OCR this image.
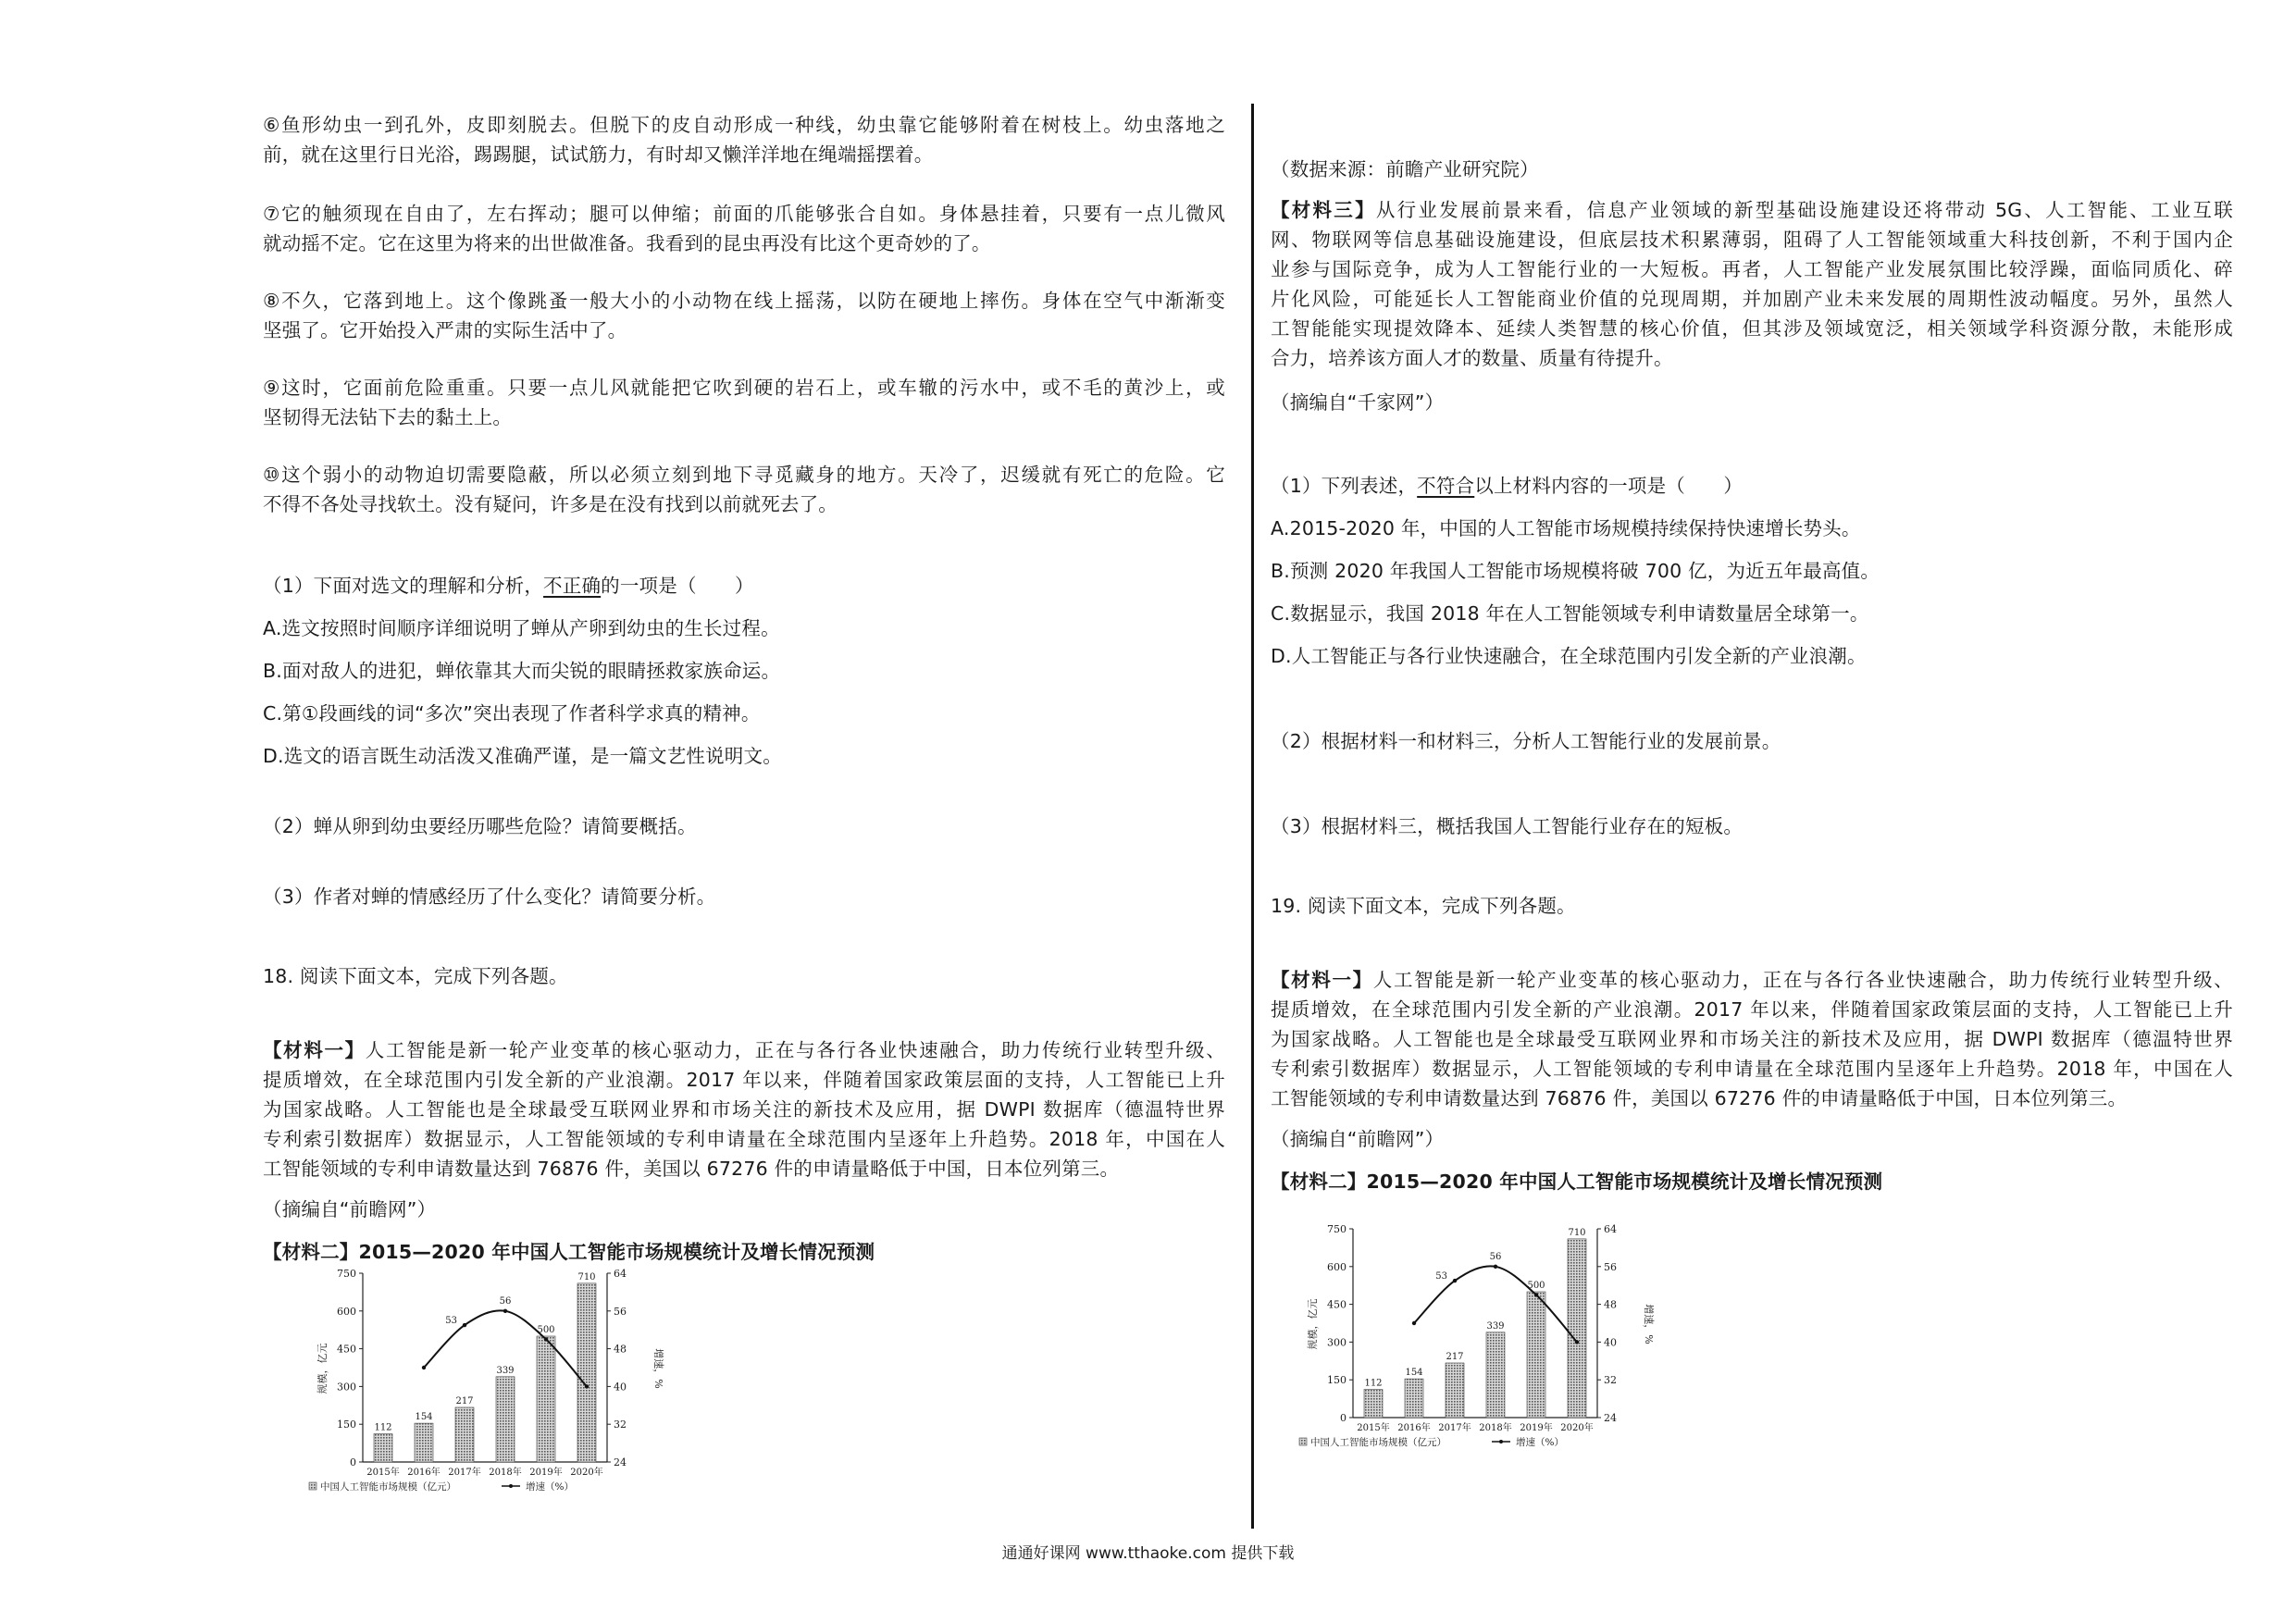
⑥鱼形幼虫一到孔外，皮即刻脱去。但脱下的皮自动形成一种线，幼虫靠它能够附着在树枝上。幼虫落地之
前，就在这里行日光浴，踢踢腿，试试筋力，有时却又懒洋洋地在绳端摇摆着。
⑦它的触须现在自由了，左右挥动；腿可以伸缩；前面的爪能够张合自如。身体悬挂着，只要有一点儿微风
就动摇不定。它在这里为将来的出世做准备。我看到的昆虫再没有比这个更奇妙的了。
⑧不久，它落到地上。这个像跳蚤一般大小的小动物在线上摇荡，以防在硬地上摔伤。身体在空气中渐渐变
坚强了。它开始投入严肃的实际生活中了。
⑨这时，它面前危险重重。只要一点儿风就能把它吹到硬的岩石上，或车辙的污水中，或不毛的黄沙上，或
坚韧得无法钻下去的黏土上。
⑩这个弱小的动物迫切需要隐蔽，所以必须立刻到地下寻觅藏身的地方。天冷了，迟缓就有死亡的危险。它
不得不各处寻找软土。没有疑问，许多是在没有找到以前就死去了。
（1）下面对选文的理解和分析，不正确的一项是（　　）
A.选文按照时间顺序详细说明了蝉从产卵到幼虫的生长过程。
B.面对敌人的进犯，蝉依靠其大而尖锐的眼睛拯救家族命运。
C.第①段画线的词“多次”突出表现了作者科学求真的精神。
D.选文的语言既生动活泼又准确严谨，是一篇文艺性说明文。
（2）蝉从卵到幼虫要经历哪些危险？请简要概括。
（3）作者对蝉的情感经历了什么变化？请简要分析。
18. 阅读下面文本，完成下列各题。
【材料一】人工智能是新一轮产业变革的核心驱动力，正在与各行各业快速融合，助力传统行业转型升级、
提质增效，在全球范围内引发全新的产业浪潮。2017 年以来，伴随着国家政策层面的支持，人工智能已上升
为国家战略。人工智能也是全球最受互联网业界和市场关注的新技术及应用，据 DWPI 数据库（德温特世界
专利索引数据库）数据显示，人工智能领域的专利申请量在全球范围内呈逐年上升趋势。2018 年，中国在人
工智能领域的专利申请数量达到 76876 件，美国以 67276 件的申请量略低于中国，日本位列第三。
（摘编自“前瞻网”）
【材料二】2015—2020 年中国人工智能市场规模统计及增长情况预测
0
150
300
450
600
750
24
32
40
48
56
64
规模，亿元	增速，%
112
2015年
154
2016年
217
2017年
339
2018年
500
2019年
710
2020年
53
56
中国人工智能市场规模（亿元）	增速（%）
（数据来源：前瞻产业研究院）
【材料三】从行业发展前景来看，信息产业领域的新型基础设施建设还将带动 5G、人工智能、工业互联
网、物联网等信息基础设施建设，但底层技术积累薄弱，阻碍了人工智能领域重大科技创新，不利于国内企
业参与国际竞争，成为人工智能行业的一大短板。再者，人工智能产业发展氛围比较浮躁，面临同质化、碎
片化风险，可能延长人工智能商业价值的兑现周期，并加剧产业未来发展的周期性波动幅度。另外，虽然人
工智能能实现提效降本、延续人类智慧的核心价值，但其涉及领域宽泛，相关领域学科资源分散，未能形成
合力，培养该方面人才的数量、质量有待提升。
（摘编自“千家网”）
（1）下列表述，不符合以上材料内容的一项是（　　）
A.2015-2020 年，中国的人工智能市场规模持续保持快速增长势头。
B.预测 2020 年我国人工智能市场规模将破 700 亿，为近五年最高值。
C.数据显示，我国 2018 年在人工智能领域专利申请数量居全球第一。
D.人工智能正与各行业快速融合，在全球范围内引发全新的产业浪潮。
（2）根据材料一和材料三，分析人工智能行业的发展前景。
（3）根据材料三，概括我国人工智能行业存在的短板。
19. 阅读下面文本，完成下列各题。
【材料一】人工智能是新一轮产业变革的核心驱动力，正在与各行各业快速融合，助力传统行业转型升级、
提质增效，在全球范围内引发全新的产业浪潮。2017 年以来，伴随着国家政策层面的支持，人工智能已上升
为国家战略。人工智能也是全球最受互联网业界和市场关注的新技术及应用，据 DWPI 数据库（德温特世界
专利索引数据库）数据显示，人工智能领域的专利申请量在全球范围内呈逐年上升趋势。2018 年，中国在人
工智能领域的专利申请数量达到 76876 件，美国以 67276 件的申请量略低于中国，日本位列第三。
（摘编自“前瞻网”）
【材料二】2015—2020 年中国人工智能市场规模统计及增长情况预测
0
150
300
450
600
750
24
32
40
48
56
64
规模，亿元	增速，%
112
2015年
154
2016年
217
2017年
339
2018年
500
2019年
710
2020年
53
56
中国人工智能市场规模（亿元）	增速（%）
通通好课网 www.tthaoke.com 提供下载
